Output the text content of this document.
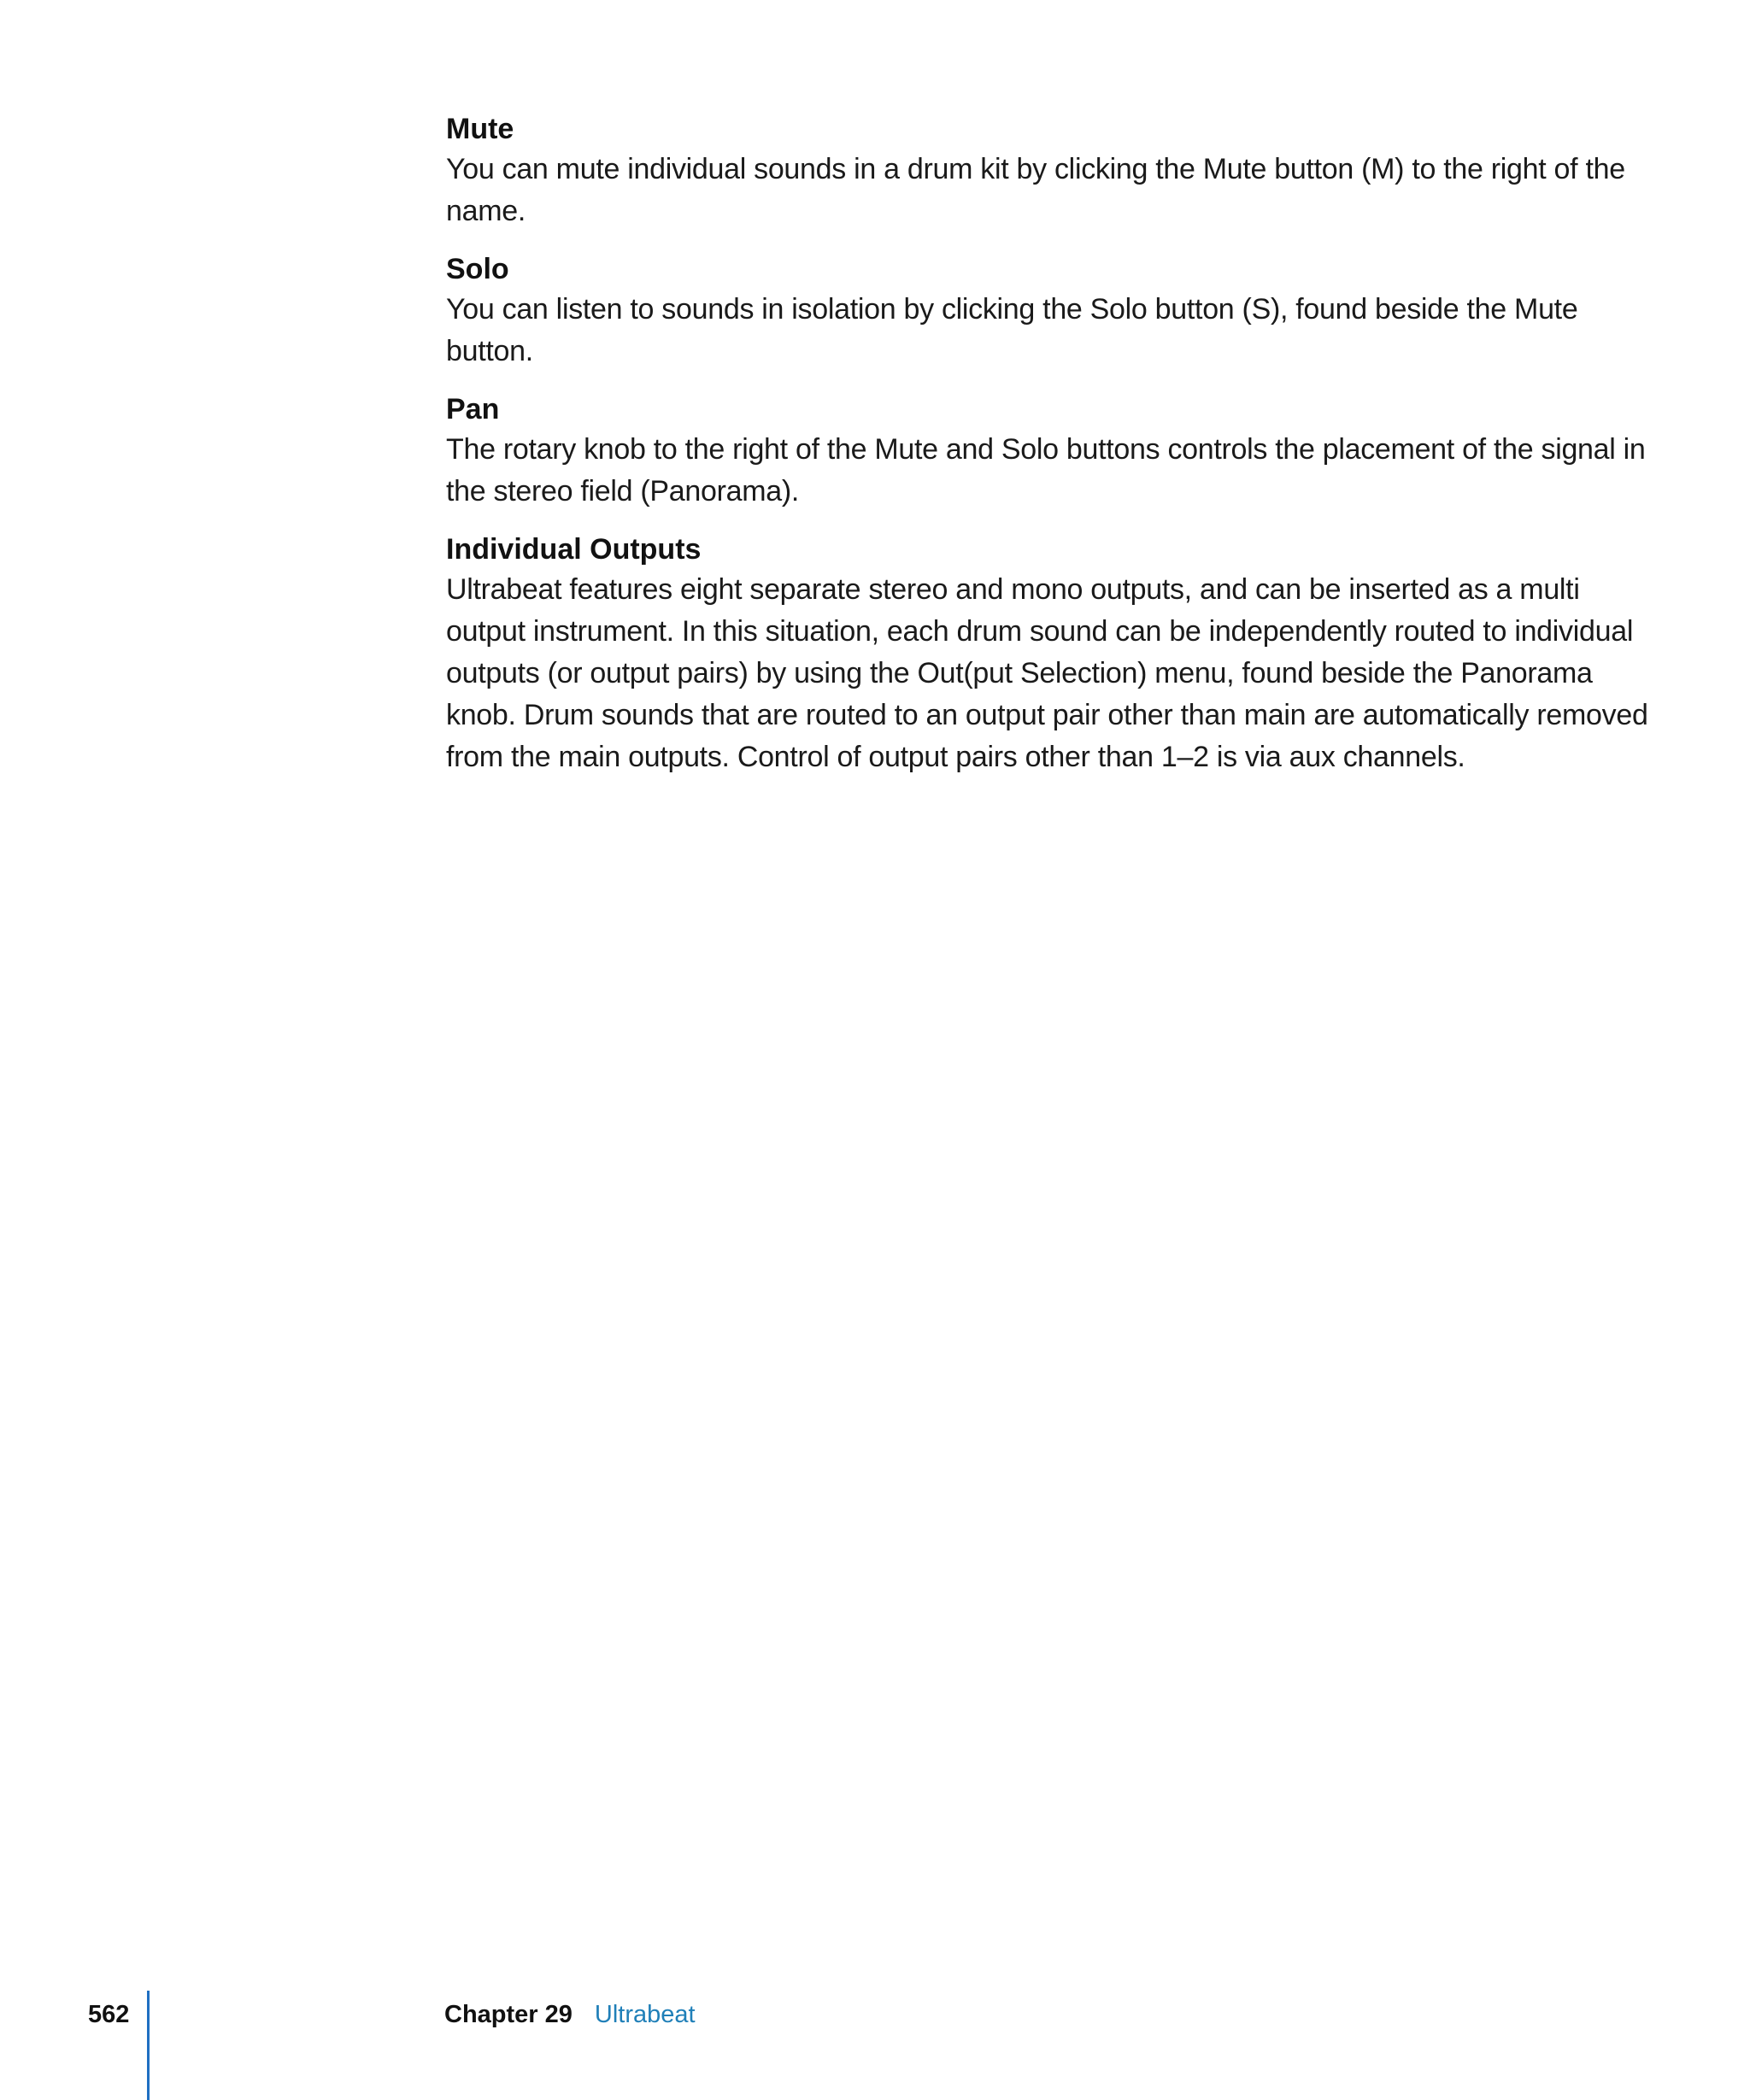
Mute

You can mute individual sounds in a drum kit by clicking the Mute button (M) to the right of the name.

Solo

You can listen to sounds in isolation by clicking the Solo button (S), found beside the Mute button.

Pan

The rotary knob to the right of the Mute and Solo buttons controls the placement of the signal in the stereo field (Panorama).

Individual Outputs

Ultrabeat features eight separate stereo and mono outputs, and can be inserted as a multi output instrument. In this situation, each drum sound can be independently routed to individual outputs (or output pairs) by using the Out(put Selection) menu, found beside the Panorama knob. Drum sounds that are routed to an output pair other than main are automatically removed from the main outputs. Control of output pairs other than 1–2 is via aux channels.

562	Chapter 29 Ultrabeat
